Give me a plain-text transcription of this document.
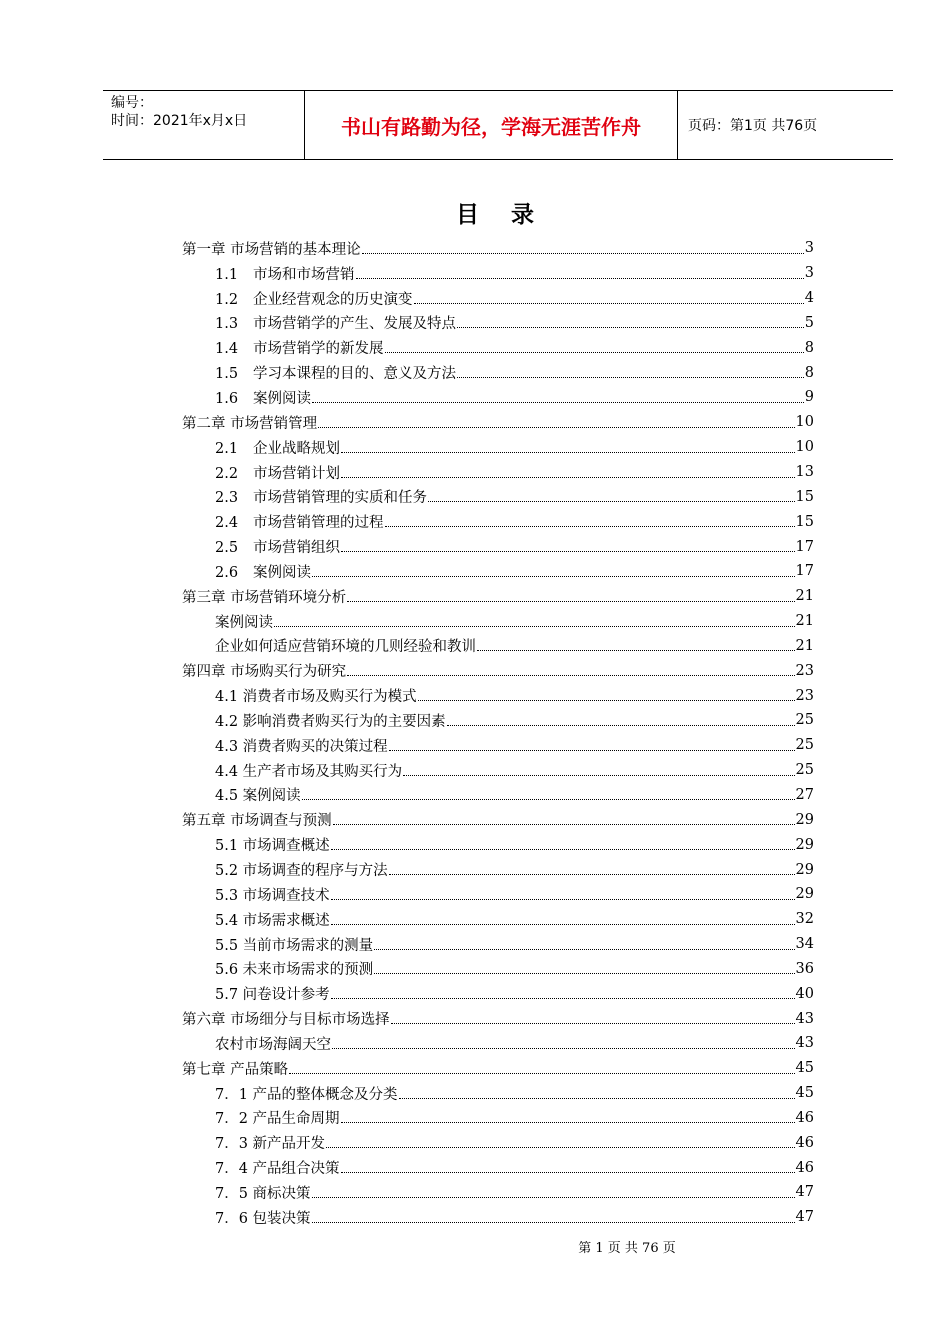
编号：
时间：2021年x月x日	书山有路勤为径，学海无涯苦作舟	页码：第1页 共76页
目    录
第一章 市场营销的基本理论	3
1.1 市场和市场营销	3
1.2 企业经营观念的历史演变	4
1.3 市场营销学的产生、发展及特点	5
1.4 市场营销学的新发展	8
1.5 学习本课程的目的、意义及方法	8
1.6 案例阅读	9
第二章 市场营销管理	10
2.1 企业战略规划	10
2.2 市场营销计划	13
2.3 市场营销管理的实质和任务	15
2.4 市场营销管理的过程	15
2.5 市场营销组织	17
2.6 案例阅读	17
第三章 市场营销环境分析	21
案例阅读	21
企业如何适应营销环境的几则经验和教训	21
第四章 市场购买行为研究	23
4.1 消费者市场及购买行为模式	23
4.2 影响消费者购买行为的主要因素	25
4.3 消费者购买的决策过程	25
4.4 生产者市场及其购买行为	25
4.5 案例阅读	27
第五章 市场调查与预测	29
5.1 市场调查概述	29
5.2 市场调查的程序与方法	29
5.3 市场调查技术	29
5.4 市场需求概述	32
5.5 当前市场需求的测量	34
5.6 未来市场需求的预测	36
5.7 问卷设计参考	40
第六章 市场细分与目标市场选择	43
农村市场海阔天空	43
第七章 产品策略	45
7．1 产品的整体概念及分类	45
7．2 产品生命周期	46
7．3 新产品开发	46
7．4 产品组合决策	46
7．5 商标决策	47
7．6 包装决策	47
第 1 页 共 76 页
